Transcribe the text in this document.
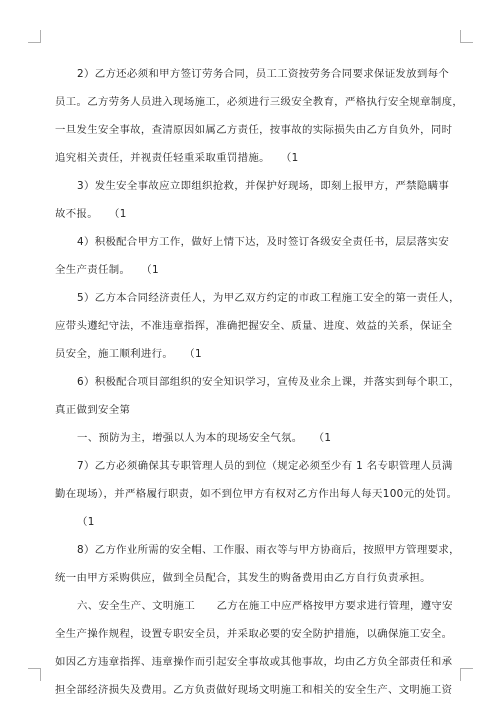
2）乙方还必须和甲方签订劳务合同，员工工资按劳务合同要求保证发放到每个
员工。乙方劳务人员进入现场施工，必须进行三级安全教育，严格执行安全规章制度，
一旦发生安全事故，查清原因如属乙方责任，按事故的实际损失由乙方自负外，同时
追究相关责任，并视责任轻重采取重罚措施。　　（1
3）发生安全事故应立即组织抢救，并保护好现场，即刻上报甲方，严禁隐瞒事
故不报。　　（1
4）积极配合甲方工作，做好上情下达，及时签订各级安全责任书，层层落实安
全生产责任制。　　（1
5）乙方本合同经济责任人，为甲乙双方约定的市政工程施工安全的第一责任人，
应带头遵纪守法，不准违章指挥，准确把握安全、质量、进度、效益的关系，保证全
员安全，施工顺利进行。　　（1
6）积极配合项目部组织的安全知识学习，宣传及业余上课，并落实到每个职工，
真正做到安全第
一、预防为主，增强以人为本的现场安全气氛。　　（1
7）乙方必须确保其专职管理人员的到位（规定必须至少有 1 名专职管理人员满
勤在现场），并严格履行职责，如不到位甲方有权对乙方作出每人每天100元的处罚。
（1
8）乙方作业所需的安全帽、工作服、雨衣等与甲方协商后，按照甲方管理要求，
统一由甲方采购供应，做到全员配合，其发生的购备费用由乙方自行负责承担。
六、安全生产、文明施工　　乙方在施工中应严格按甲方要求进行管理，遵守安
全生产操作规程，设置专职安全员，并采取必要的安全防护措施，以确保施工安全。
如因乙方违章指挥、违章操作而引起安全事故或其他事故，均由乙方负全部责任和承
担全部经济损失及费用。乙方负责做好现场文明施工和相关的安全生产、文明施工资
